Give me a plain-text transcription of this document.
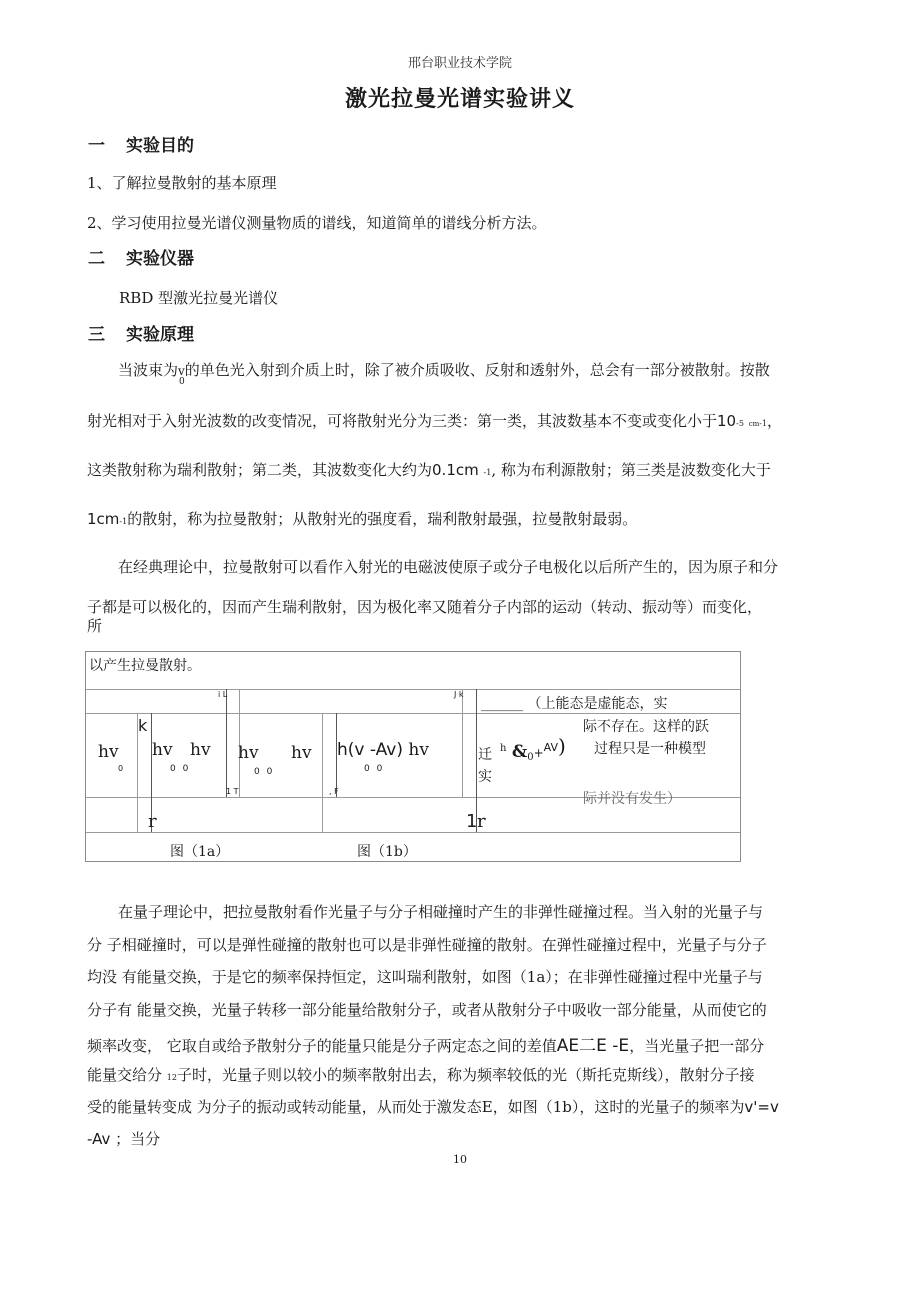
邢台职业技术学院
激光拉曼光谱实验讲义
一 实验目的
1、了解拉曼散射的基本原理
2、学习使用拉曼光谱仪测量物质的谱线，知道简单的谱线分析方法。
二 实验仪器
RBD 型激光拉曼光谱仪
三 实验原理
当波束为v
0
的单色光入射到介质上时，除了被介质吸收、反射和透射外，总会有一部分被散射。按散
射光相对于入射光波数的改变情况，可将散射光分为三类：第一类，其波数基本不变或变化小于10-5 cm-1，
这类散射称为瑞利散射；第二类，其波数变化大约为0.1cm -1, 称为布利源散射；第三类是波数变化大于
1cm-1的散射，称为拉曼散射；从散射光的强度看，瑞利散射最强，拉曼散射最弱。
在经典理论中，拉曼散射可以看作入射光的电磁波使原子或分子电极化以后所产生的，因为原子和分
子都是可以极化的，因而产生瑞利散射，因为极化率又随着分子内部的运动（转动、振动等）而变化，
所
以产生拉曼散射。
i L	J k
______ （上能态是虚能态，实
际不存在。这样的跃
过程只是一种模型
际并没有发生）
hv
0
k
hv hv
0 0
hv hv
0 0
1 T
h(v -Av) hv
0 0
, F
迁
实
$^h$ &0+$^{AV}$)
r	1 r
图（1a）	图（1b）
在量子理论中，把拉曼散射看作光量子与分子相碰撞时产生的非弹性碰撞过程。当入射的光量子与
分 子相碰撞时，可以是弹性碰撞的散射也可以是非弹性碰撞的散射。在弹性碰撞过程中，光量子与分子
均没 有能量交换，于是它的频率保持恒定，这叫瑞利散射，如图（1a）；在非弹性碰撞过程中光量子与
分子有 能量交换，光量子转移一部分能量给散射分子，或者从散射分子中吸收一部分能量，从而使它的
频率改变， 它取自或给予散射分子的能量只能是分子两定态之间的差值AE二E -E，当光量子把一部分
能量交给分 12子时，光量子则以较小的频率散射出去，称为频率较低的光（斯托克斯线），散射分子接
受的能量转变成 为分子的振动或转动能量，从而处于激发态E，如图（1b），这时的光量子的频率为v'=v
-Av ；当分
10
